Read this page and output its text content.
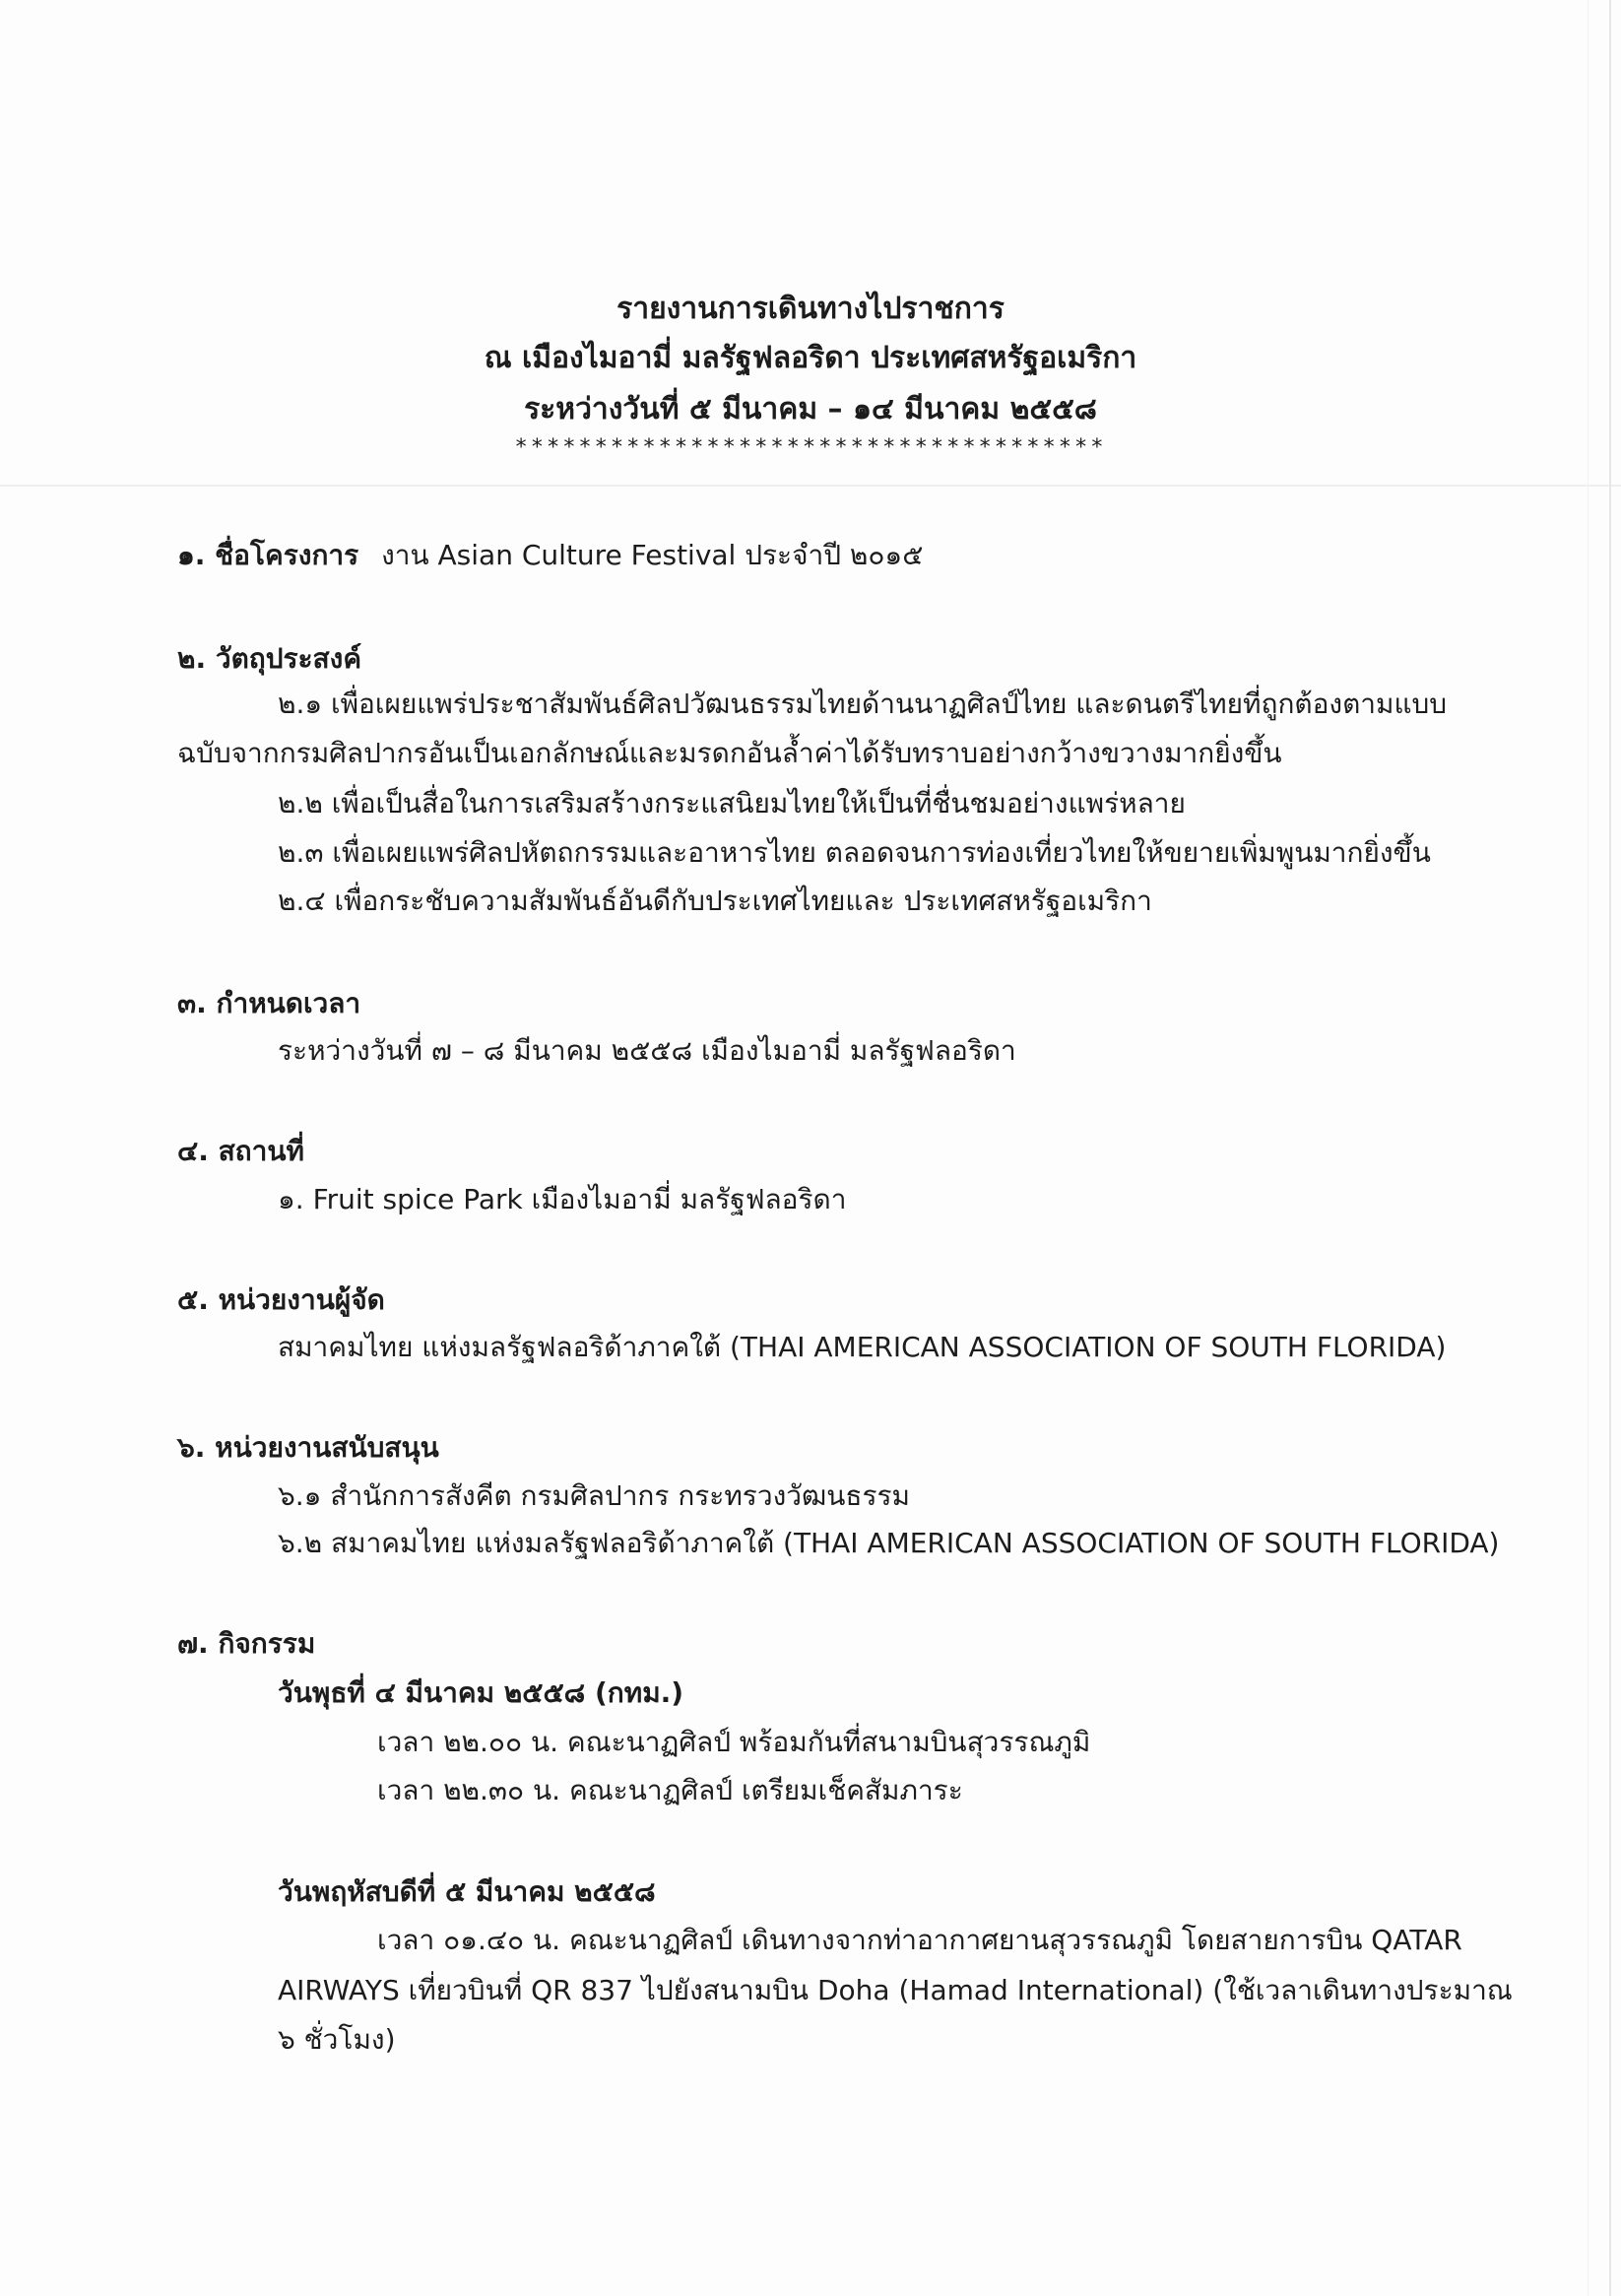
รายงานการเดินทางไปราชการ
ณ เมืองไมอามี่ มลรัฐฟลอริดา ประเทศสหรัฐอเมริกา
ระหว่างวันที่ ๕ มีนาคม – ๑๔ มีนาคม ๒๕๕๘
*************************************
๑. ชื่อโครงการ งาน Asian Culture Festival ประจำปี ๒๐๑๕
๒. วัตถุประสงค์
๒.๑ เพื่อเผยแพร่ประชาสัมพันธ์ศิลปวัฒนธรรมไทยด้านนาฏศิลป์ไทย และดนตรีไทยที่ถูกต้องตามแบบ
ฉบับจากกรมศิลปากรอันเป็นเอกลักษณ์และมรดกอันล้ำค่าได้รับทราบอย่างกว้างขวางมากยิ่งขึ้น
๒.๒ เพื่อเป็นสื่อในการเสริมสร้างกระแสนิยมไทยให้เป็นที่ชื่นชมอย่างแพร่หลาย
๒.๓ เพื่อเผยแพร่ศิลปหัตถกรรมและอาหารไทย ตลอดจนการท่องเที่ยวไทยให้ขยายเพิ่มพูนมากยิ่งขึ้น
๒.๔ เพื่อกระชับความสัมพันธ์อันดีกับประเทศไทยและ ประเทศสหรัฐอเมริกา
๓. กำหนดเวลา
ระหว่างวันที่ ๗ – ๘ มีนาคม ๒๕๕๘ เมืองไมอามี่ มลรัฐฟลอริดา
๔. สถานที่
๑. Fruit spice Park เมืองไมอามี่ มลรัฐฟลอริดา
๕. หน่วยงานผู้จัด
สมาคมไทย แห่งมลรัฐฟลอริด้าภาคใต้ (THAI AMERICAN ASSOCIATION OF SOUTH FLORIDA)
๖. หน่วยงานสนับสนุน
๖.๑ สำนักการสังคีต กรมศิลปากร กระทรวงวัฒนธรรม
๖.๒ สมาคมไทย แห่งมลรัฐฟลอริด้าภาคใต้ (THAI AMERICAN ASSOCIATION OF SOUTH FLORIDA)
๗. กิจกรรม
วันพุธที่ ๔ มีนาคม ๒๕๕๘ (กทม.)
เวลา ๒๒.๐๐ น. คณะนาฏศิลป์ พร้อมกันที่สนามบินสุวรรณภูมิ
เวลา ๒๒.๓๐ น. คณะนาฏศิลป์ เตรียมเช็คสัมภาระ
วันพฤหัสบดีที่ ๕ มีนาคม ๒๕๕๘
เวลา ๐๑.๔๐ น. คณะนาฏศิลป์ เดินทางจากท่าอากาศยานสุวรรณภูมิ โดยสายการบิน QATAR
AIRWAYS เที่ยวบินที่ QR 837 ไปยังสนามบิน Doha (Hamad International) (ใช้เวลาเดินทางประมาณ
๖ ชั่วโมง)
